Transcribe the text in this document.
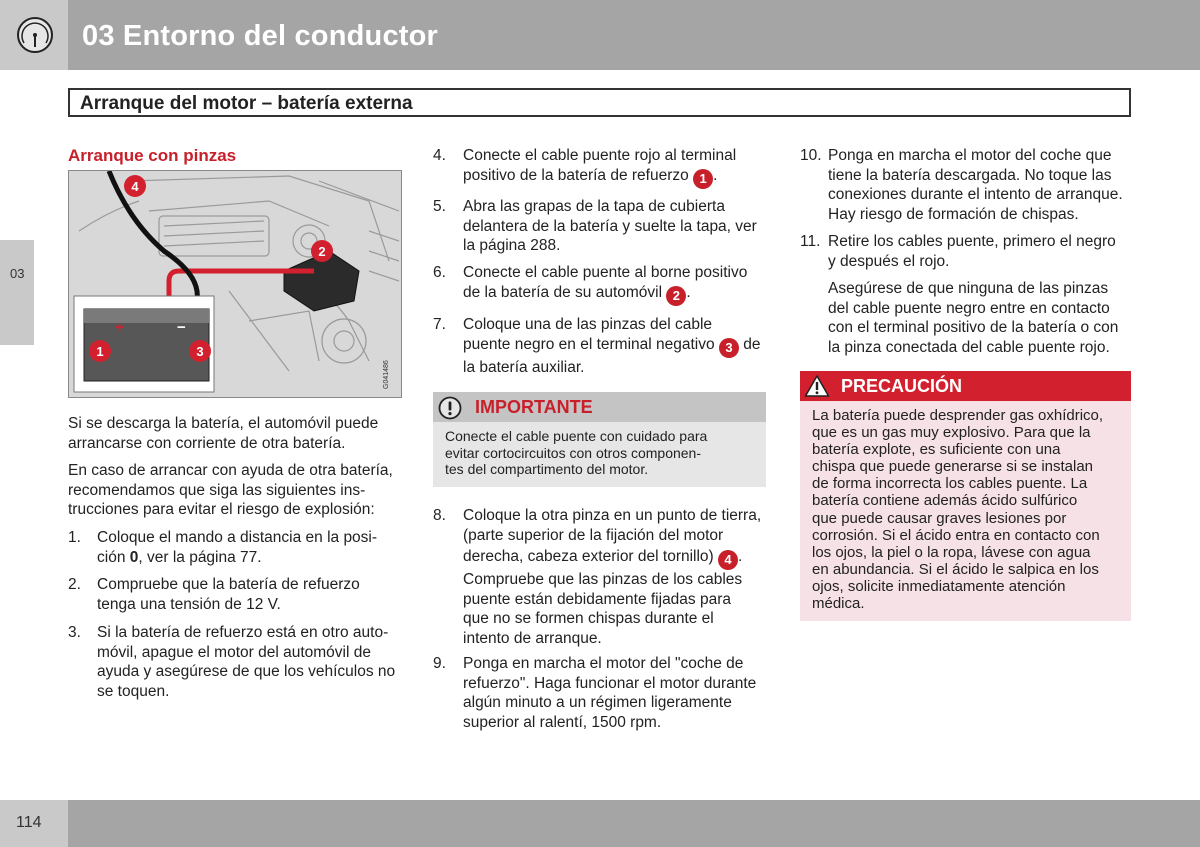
03 Entorno del conductor
03
Arranque del motor – batería externa
Arranque con pinzas
+	−
4
2
1	3
G041486
Si se descarga la batería, el automóvil puede
arrancarse con corriente de otra batería.
En caso de arrancar con ayuda de otra batería,
recomendamos que siga las siguientes ins-
trucciones para evitar el riesgo de explosión:
1. Coloque el mando a distancia en la posi-
ción 0, ver la página 77.
2. Compruebe que la batería de refuerzo
tenga una tensión de 12 V.
3. Si la batería de refuerzo está en otro auto-
móvil, apague el motor del automóvil de
ayuda y asegúrese de que los vehículos no
se toquen.
4. Conecte el cable puente rojo al terminal
positivo de la batería de refuerzo 1 .
5. Abra las grapas de la tapa de cubierta
delantera de la batería y suelte la tapa, ver
la página 288.
6. Conecte el cable puente al borne positivo
de la batería de su automóvil 2 .
7. Coloque una de las pinzas del cable
puente negro en el terminal negativo 3 de
la batería auxiliar.
IMPORTANTE
Conecte el cable puente con cuidado para
evitar cortocircuitos con otros componen-
tes del compartimento del motor.
8. Coloque la otra pinza en un punto de tierra,
(parte superior de la fijación del motor
derecha, cabeza exterior del tornillo) 4 .
Compruebe que las pinzas de los cables
puente están debidamente fijadas para
que no se formen chispas durante el
intento de arranque.
9. Ponga en marcha el motor del "coche de
refuerzo". Haga funcionar el motor durante
algún minuto a un régimen ligeramente
superior al ralentí, 1500 rpm.
10. Ponga en marcha el motor del coche que
tiene la batería descargada. No toque las
conexiones durante el intento de arranque.
Hay riesgo de formación de chispas.
11. Retire los cables puente, primero el negro
y después el rojo.
Asegúrese de que ninguna de las pinzas
del cable puente negro entre en contacto
con el terminal positivo de la batería o con
la pinza conectada del cable puente rojo.
PRECAUCIÓN
La batería puede desprender gas oxhídrico,
que es un gas muy explosivo. Para que la
batería explote, es suficiente con una
chispa que puede generarse si se instalan
de forma incorrecta los cables puente. La
batería contiene además ácido sulfúrico
que puede causar graves lesiones por
corrosión. Si el ácido entra en contacto con
los ojos, la piel o la ropa, lávese con agua
en abundancia. Si el ácido le salpica en los
ojos, solicite inmediatamente atención
médica.
114
